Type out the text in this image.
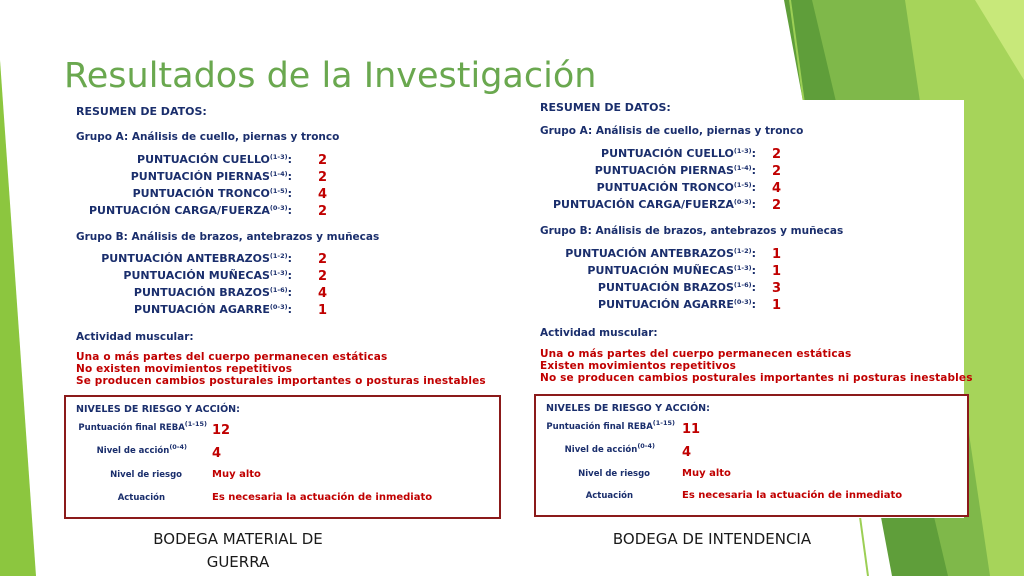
Resultados de la Investigación
RESUMEN DE DATOS:
Grupo A: Análisis de cuello, piernas y tronco
PUNTUACIÓN CUELLO$^{(1-3)}$: 2
PUNTUACIÓN PIERNAS$^{(1-4)}$: 2
PUNTUACIÓN TRONCO$^{(1-5)}$: 4
PUNTUACIÓN CARGA/FUERZA$^{(0-3)}$: 2
Grupo B: Análisis de brazos, antebrazos y muñecas
PUNTUACIÓN ANTEBRAZOS$^{(1-2)}$: 2
PUNTUACIÓN MUÑECAS$^{(1-3)}$: 2
PUNTUACIÓN BRAZOS$^{(1-6)}$: 4
PUNTUACIÓN AGARRE$^{(0-3)}$: 1
Actividad muscular:
Una o más partes del cuerpo permanecen estáticas
No existen movimientos repetitivos
Se producen cambios posturales importantes o posturas inestables
NIVELES DE RIESGO Y ACCIÓN:
Puntuación final REBA$^{(1-15)}$ 12
Nivel de acción$^{(0-4)}$ 4
Nivel de riesgo	Muy alto
Actuación	Es necesaria la actuación de inmediato
RESUMEN DE DATOS:
Grupo A: Análisis de cuello, piernas y tronco
PUNTUACIÓN CUELLO$^{(1-3)}$: 2
PUNTUACIÓN PIERNAS$^{(1-4)}$: 2
PUNTUACIÓN TRONCO$^{(1-5)}$: 4
PUNTUACIÓN CARGA/FUERZA$^{(0-3)}$: 2
Grupo B: Análisis de brazos, antebrazos y muñecas
PUNTUACIÓN ANTEBRAZOS$^{(1-2)}$: 1
PUNTUACIÓN MUÑECAS$^{(1-3)}$: 1
PUNTUACIÓN BRAZOS$^{(1-6)}$: 3
PUNTUACIÓN AGARRE$^{(0-3)}$: 1
Actividad muscular:
Una o más partes del cuerpo permanecen estáticas
Existen movimientos repetitivos
No se producen cambios posturales importantes ni posturas inestables
NIVELES DE RIESGO Y ACCIÓN:
Puntuación final REBA$^{(1-15)}$ 11
Nivel de acción$^{(0-4)}$ 4
Nivel de riesgo	Muy alto
Actuación	Es necesaria la actuación de inmediato
BODEGA MATERIAL DE GUERRA
BODEGA DE INTENDENCIA
